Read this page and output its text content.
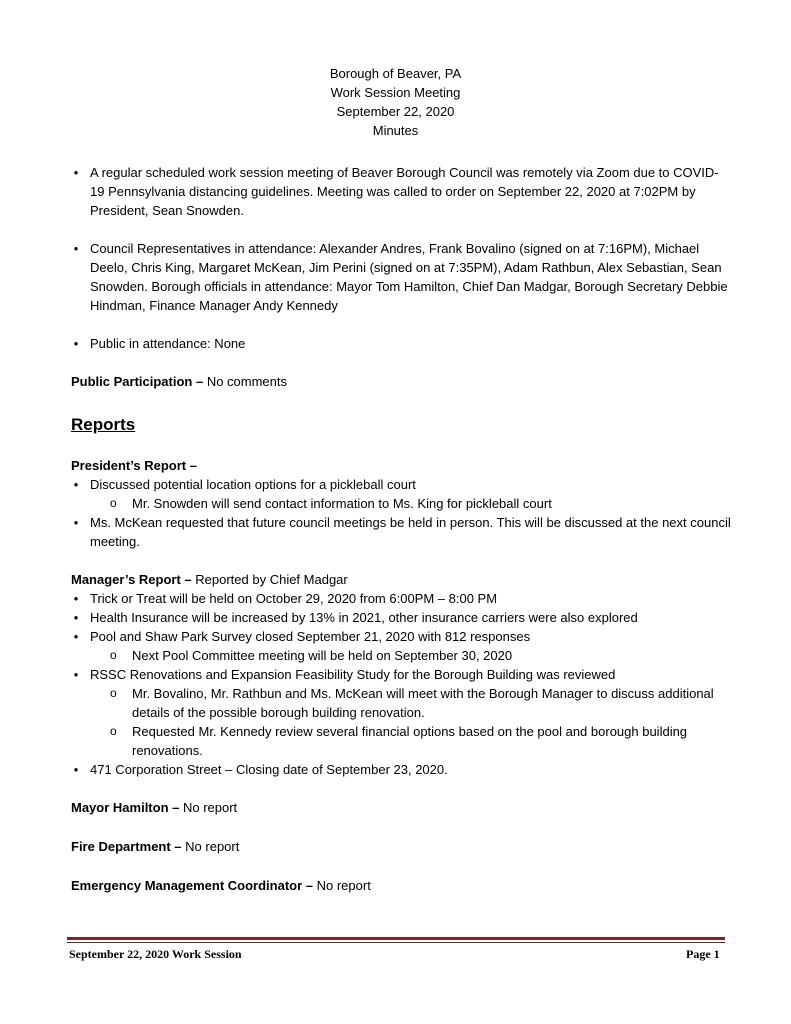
Borough of Beaver, PA
Work Session Meeting
September 22, 2020
Minutes
• A regular scheduled work session meeting of Beaver Borough Council was remotely via Zoom due to COVID-19 Pennsylvania distancing guidelines. Meeting was called to order on September 22, 2020 at 7:02PM by President, Sean Snowden.
• Council Representatives in attendance: Alexander Andres, Frank Bovalino (signed on at 7:16PM), Michael Deelo, Chris King, Margaret McKean, Jim Perini (signed on at 7:35PM), Adam Rathbun, Alex Sebastian, Sean Snowden. Borough officials in attendance: Mayor Tom Hamilton, Chief Dan Madgar, Borough Secretary Debbie Hindman, Finance Manager Andy Kennedy
• Public in attendance: None
Public Participation – No comments
Reports
President’s Report –
• Discussed potential location options for a pickleball court
o Mr. Snowden will send contact information to Ms. King for pickleball court
• Ms. McKean requested that future council meetings be held in person. This will be discussed at the next council meeting.
Manager’s Report – Reported by Chief Madgar
• Trick or Treat will be held on October 29, 2020 from 6:00PM – 8:00 PM
• Health Insurance will be increased by 13% in 2021, other insurance carriers were also explored
• Pool and Shaw Park Survey closed September 21, 2020 with 812 responses
o Next Pool Committee meeting will be held on September 30, 2020
• RSSC Renovations and Expansion Feasibility Study for the Borough Building was reviewed
o Mr. Bovalino, Mr. Rathbun and Ms. McKean will meet with the Borough Manager to discuss additional details of the possible borough building renovation.
o Requested Mr. Kennedy review several financial options based on the pool and borough building renovations.
• 471 Corporation Street – Closing date of September 23, 2020.
Mayor Hamilton – No report
Fire Department – No report
Emergency Management Coordinator – No report
September 22, 2020 Work Session	Page 1
